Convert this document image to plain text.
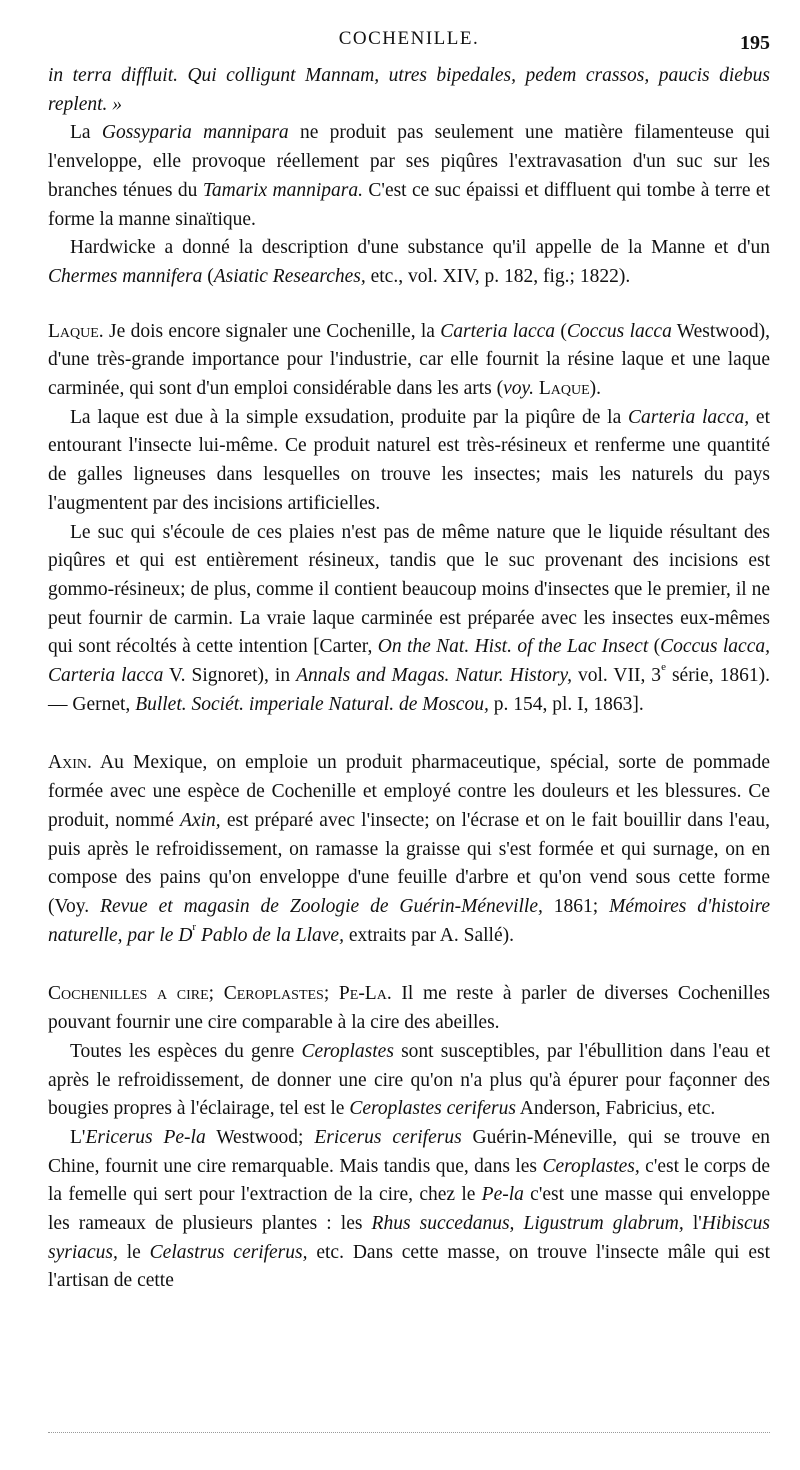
COCHENILLE.	195

in terra diffluit. Qui colligunt Mannam, utres bipedales, pedem crassos, paucis diebus replent. »

La Gossyparia mannipara ne produit pas seulement une matière filamenteuse qui l'enveloppe, elle provoque réellement par ses piqûres l'extravasation d'un suc sur les branches ténues du Tamarix mannipara. C'est ce suc épaissi et diffluent qui tombe à terre et forme la manne sinaïtique.

Hardwicke a donné la description d'une substance qu'il appelle de la Manne et d'un Chermes mannifera (Asiatic Researches, etc., vol. XIV, p. 182, fig.; 1822).

Laque. Je dois encore signaler une Cochenille, la Carteria lacca (Coccus lacca Westwood), d'une très-grande importance pour l'industrie, car elle fournit la résine laque et une laque carminée, qui sont d'un emploi considérable dans les arts (voy. Laque).

La laque est due à la simple exsudation, produite par la piqûre de la Carteria lacca, et entourant l'insecte lui-même. Ce produit naturel est très-résineux et renferme une quantité de galles ligneuses dans lesquelles on trouve les insectes; mais les naturels du pays l'augmentent par des incisions artificielles.

Le suc qui s'écoule de ces plaies n'est pas de même nature que le liquide résultant des piqûres et qui est entièrement résineux, tandis que le suc provenant des incisions est gommo-résineux; de plus, comme il contient beaucoup moins d'insectes que le premier, il ne peut fournir de carmin. La vraie laque carminée est préparée avec les insectes eux-mêmes qui sont récoltés à cette intention [Carter, On the Nat. Hist. of the Lac Insect (Coccus lacca, Carteria lacca V. Signoret), in Annals and Magas. Natur. History, vol. VII, 3e série, 1861). — Gernet, Bullet. Sociét. imperiale Natural. de Moscou, p. 154, pl. I, 1863].

Axin. Au Mexique, on emploie un produit pharmaceutique, spécial, sorte de pommade formée avec une espèce de Cochenille et employé contre les douleurs et les blessures. Ce produit, nommé Axin, est préparé avec l'insecte; on l'écrase et on le fait bouillir dans l'eau, puis après le refroidissement, on ramasse la graisse qui s'est formée et qui surnage, on en compose des pains qu'on enveloppe d'une feuille d'arbre et qu'on vend sous cette forme (Voy. Revue et magasin de Zoologie de Guérin-Méneville, 1861; Mémoires d'histoire naturelle, par le $D^r$ Pablo de la Llave, extraits par A. Sallé).

Cochenilles a cire; Ceroplastes; Pe-La. Il me reste à parler de diverses Cochenilles pouvant fournir une cire comparable à la cire des abeilles.

Toutes les espèces du genre Ceroplastes sont susceptibles, par l'ébullition dans l'eau et après le refroidissement, de donner une cire qu'on n'a plus qu'à épurer pour façonner des bougies propres à l'éclairage, tel est le Ceroplastes ceriferus Anderson, Fabricius, etc.

L'Ericerus Pe-la Westwood; Ericerus ceriferus Guérin-Méneville, qui se trouve en Chine, fournit une cire remarquable. Mais tandis que, dans les Ceroplastes, c'est le corps de la femelle qui sert pour l'extraction de la cire, chez le Pe-la c'est une masse qui enveloppe les rameaux de plusieurs plantes : les Rhus succedanus, Ligustrum glabrum, l'Hibiscus syriacus, le Celastrus ceriferus, etc. Dans cette masse, on trouve l'insecte mâle qui est l'artisan de cette
